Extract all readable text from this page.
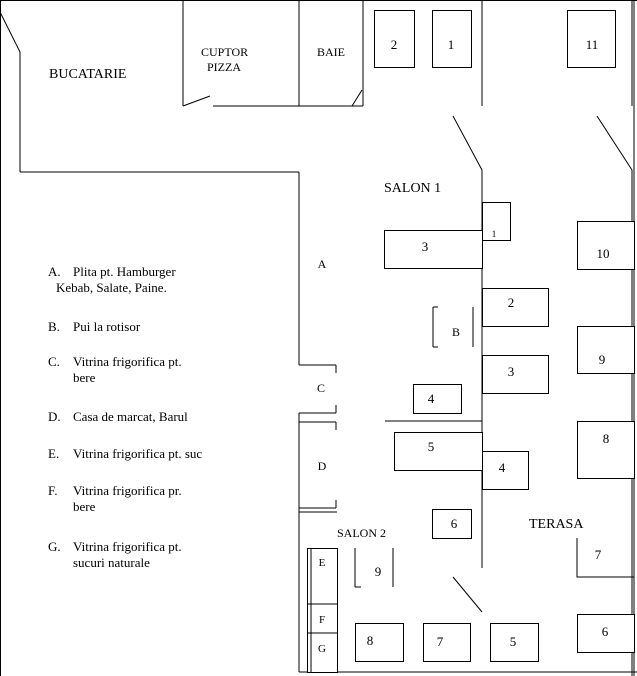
BUCATARIE
CUPTOR
PIZZA
BAIE
SALON 1
SALON 2
TERASA
2	1	11
1
3
2
3
4
5
4
6
10
9
8
7
6
9
8	7	5
A
B
C
D
E
F
G
A. Plita pt. Hamburger
Kebab, Salate, Paine.
B. Pui la rotisor
C. Vitrina frigorifica pt.
bere
D. Casa de marcat, Barul
E. Vitrina frigorifica pt. suc
F. Vitrina frigorifica pr.
bere
G. Vitrina frigorifica pt.
sucuri naturale
